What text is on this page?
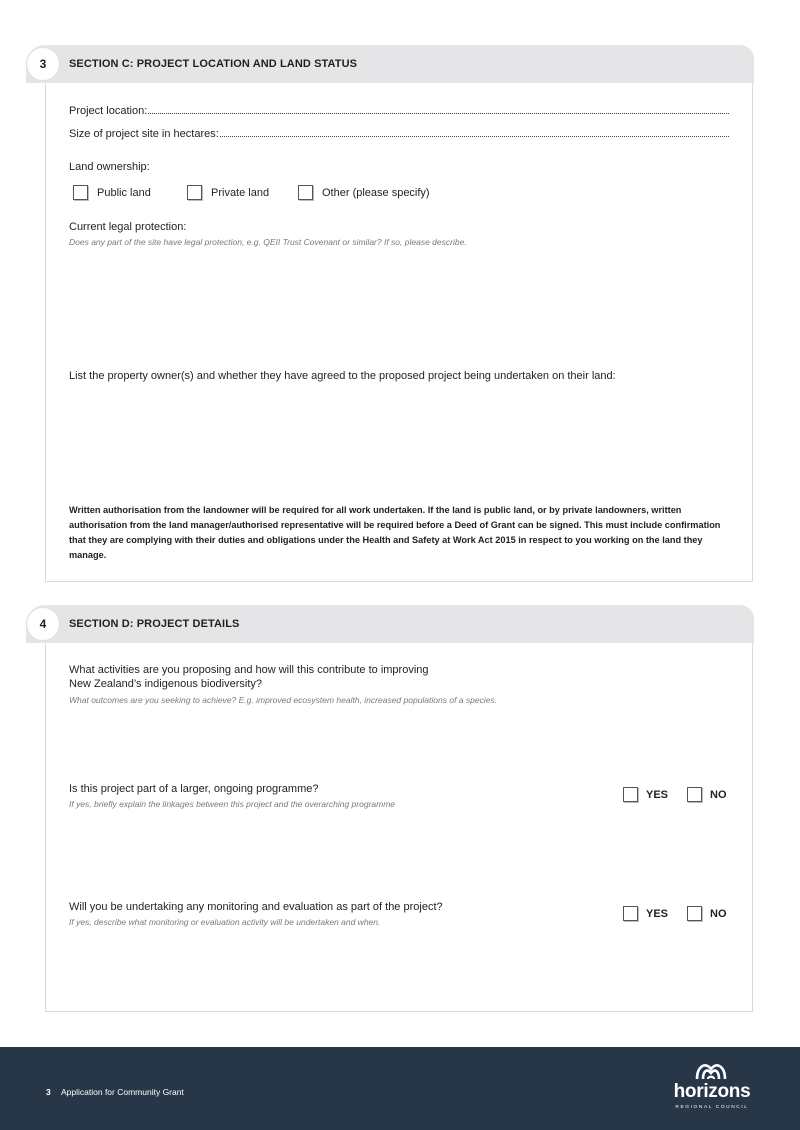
3	SECTION C: PROJECT LOCATION AND LAND STATUS
Project location:
Size of project site in hectares:
Land ownership:
Public land	Private land	Other (please specify)
Current legal protection:
Does any part of the site have legal protection, e.g. QEII Trust Covenant or similar? If so, please describe.
List the property owner(s) and whether they have agreed to the proposed project being undertaken on their land:
Written authorisation from the landowner will be required for all work undertaken. If the land is public land, or by private landowners, written authorisation from the land manager/authorised representative will be required before a Deed of Grant can be signed. This must include confirmation that they are complying with their duties and obligations under the Health and Safety at Work Act 2015 in respect to you working on the land they manage.
4	SECTION D: PROJECT DETAILS
What activities are you proposing and how will this contribute to improving
New Zealand’s indigenous biodiversity?
What outcomes are you seeking to achieve? E.g. improved ecosystem health, increased populations of a species.
Is this project part of a larger, ongoing programme?
If yes, briefly explain the linkages between this project and the overarching programme
YES	NO
Will you be undertaking any monitoring and evaluation as part of the project?
If yes, describe what monitoring or evaluation activity will be undertaken and when.
YES	NO
3 Application for Community Grant	horizons
REGIONAL COUNCIL
